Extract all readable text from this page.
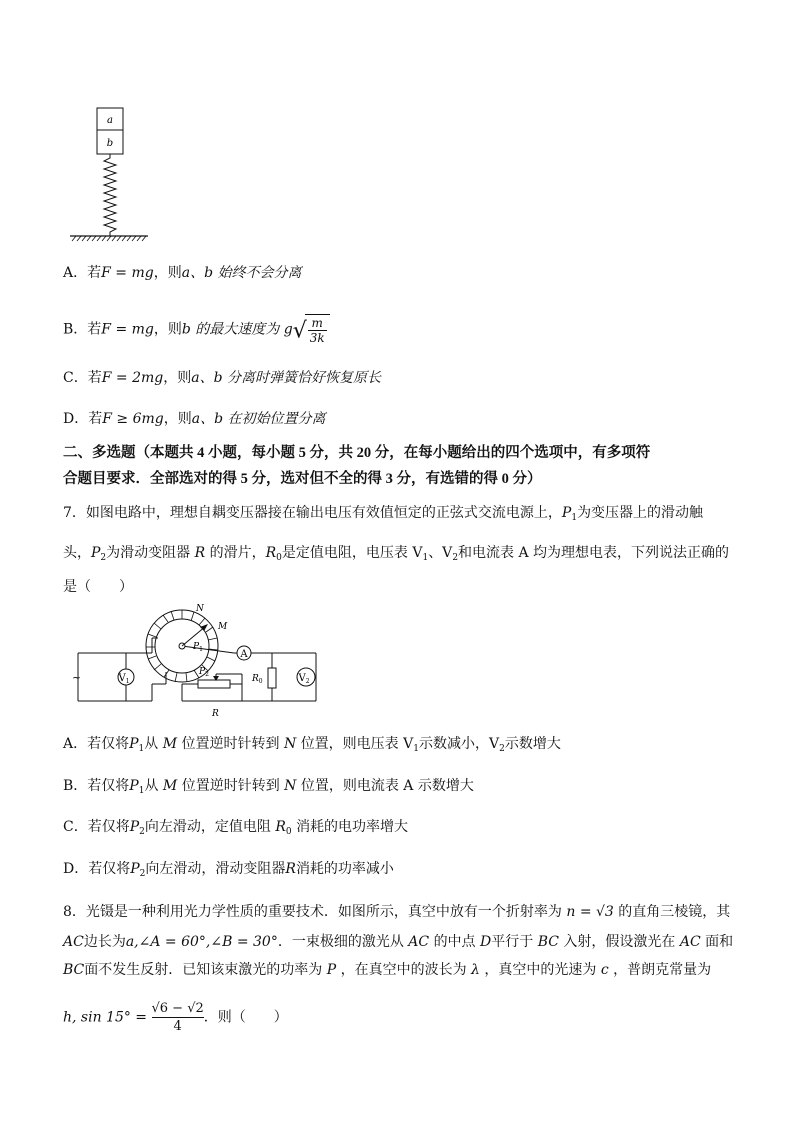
a
b
A．若F = mg，则a、b 始终不会分离
B．若F = mg，则b 的最大速度为 g√
$\frac{m}{3k}$
C．若F = 2mg，则a、b 分离时弹簧恰好恢复原长
D．若F ≥ 6mg，则a、b 在初始位置分离
二、多选题（本题共 4 小题，每小题 5 分，共 20 分，在每小题给出的四个选项中，有多项符
合题目要求．全部选对的得 5 分，选对但不全的得 3 分，有选错的得 0 分）
7．如图电路中，理想自耦变压器接在输出电压有效值恒定的正弦式交流电源上，$P_1$为变压器上的滑动触
头，$P_2$为滑动变阻器 R 的滑片，$R_0$是定值电阻，电压表 $V_1$、$V_2$和电流表 A 均为理想电表，下列说法正确的
是（　　）
A
$V_1$	$V_2$
$R_0$
$P_2$
R
N
M
$P_1$
~
A．若仅将$P_1$从 M 位置逆时针转到 N 位置，则电压表 $V_1$示数减小，$V_2$示数增大
B．若仅将$P_1$从 M 位置逆时针转到 N 位置，则电流表 A 示数增大
C．若仅将$P_2$向左滑动，定值电阻 $R_0$ 消耗的电功率增大
D．若仅将$P_2$向左滑动，滑动变阻器R消耗的功率减小
8．光镊是一种利用光力学性质的重要技术．如图所示，真空中放有一个折射率为 n = √3 的直角三棱镜，其
AC边长为a,∠A = 60°,∠B = 30°．一束极细的激光从 AC 的中点 D平行于 BC 入射，假设激光在 AC 面和
BC面不发生反射．已知该束激光的功率为 P ，在真空中的波长为 λ ，真空中的光速为 c ，普朗克常量为
h, $\sin 15^\circ = \frac{√6 - √2}{4}$ ．则（　　）
